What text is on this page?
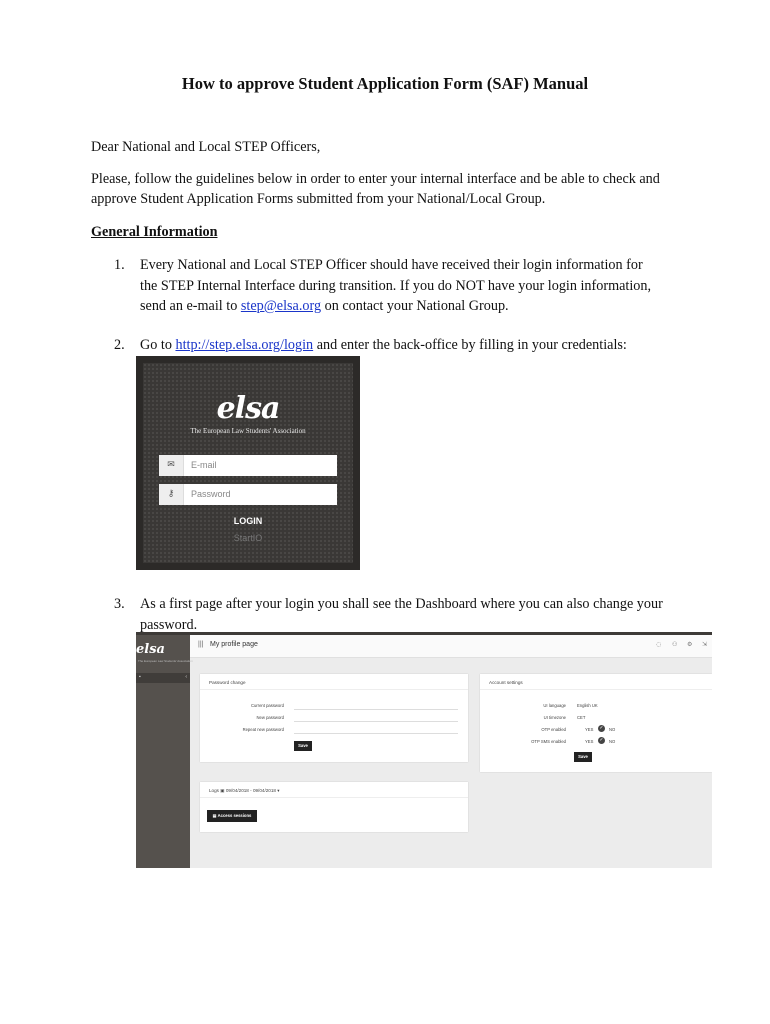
How to approve Student Application Form (SAF) Manual
Dear National and Local STEP Officers,
Please, follow the guidelines below in order to enter your internal interface and be able to check and
approve Student Application Forms submitted from your National/Local Group.
General Information
1. Every National and Local STEP Officer should have received their login information for
the STEP Internal Interface during transition. If you do NOT have your login information,
send an e-mail to step@elsa.org on contact your National Group.
2. Go to http://step.elsa.org/login and enter the back-office by filling in your credentials:
elsa
The European Law Students' Association
✉	E-mail
⚷	Password
LOGIN
StartIO
3. As a first page after your login you shall see the Dashboard where you can also change your
password.
elsa
The European Law Students' Association
▪	‹
||| My profile page	◌ ⚇ ⚙ ⇲
Password change
Current password
New password
Repeat new password
Save
Account settings
UI language	English UK
UI timezone	CET
OTP enabled	YES ✓	NO
OTP SMS enabled	YES ✓	NO
Save
Logs ▣ 09/04/2018 - 09/04/2018 ▾
▤ Access sessions
